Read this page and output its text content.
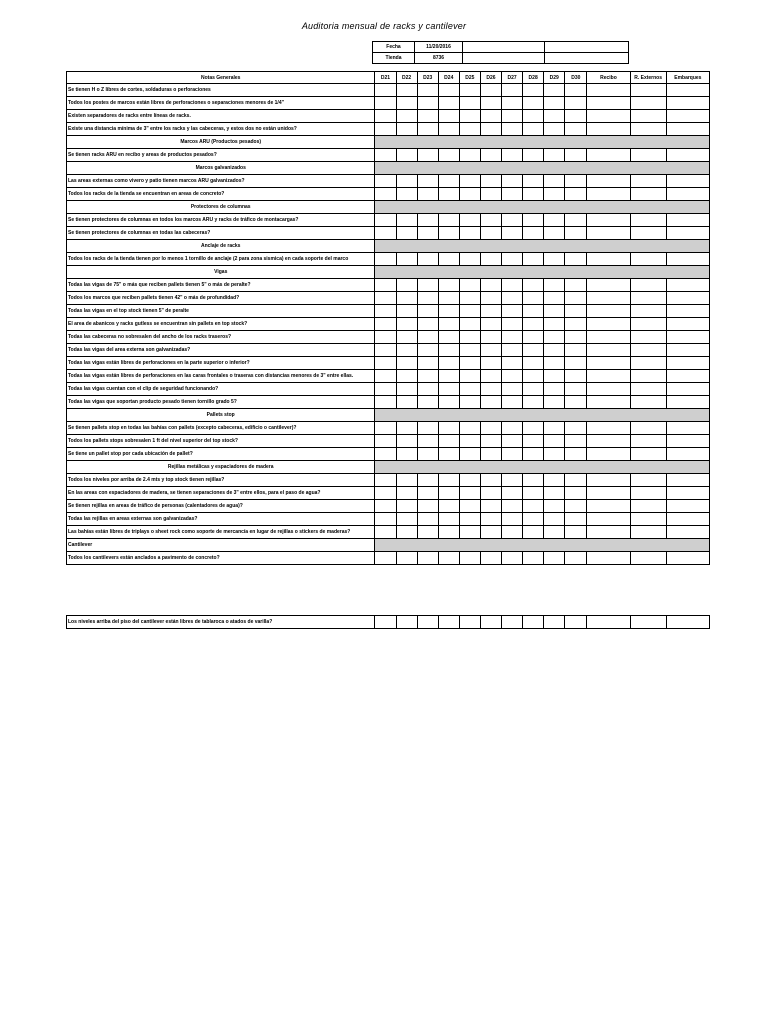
Auditoria mensual de racks y cantilever
Fecha	11/20/2016		
Tienda	8736		
Notas Generales	D21	D22	D23	D24	D25	D26	D27	D28	D29	D30	Recibo	R. Externos	Embarques
Se tienen H o Z libres de cortes, soldaduras o perforaciones													
Todos los postes de marcos están libres de perforaciones o separaciones menores de 1/4"													
Existen separadores de racks entre líneas de racks.													
Existe una distancia mínima de 3" entre los racks y las cabeceras, y estos dos no están unidos?													
Marcos ARU (Productos pesados)													
Se tienen racks ARU en recibo y areas de productos pesados?													
Marcos galvanizados													
Las areas externas como vivero y patio tienen marcos ARU galvanizados?													
Todos los racks de la tienda se encuentran en areas de concreto?													
Protectores de columnas													
Se tienen protectores de columnas en todos los marcos ARU y racks de tráfico de montacargas?													
Se tienen protectores de columnas en todas las cabeceras?													
Anclaje de racks													
Todos los racks de la tienda tienen por lo menos 1 tornillo de anclaje (2 para zona sismica) en cada soporte del marco													
Vigas													
Todas las vigas de 75" o más que reciben pallets tienen 5" o más de peralte?													
Todos los marcos que reciben pallets tienen 42" o más de profundidad?													
Todas las vigas en el top stock tienen 5" de peralte													
El area de abanicos y racks gutless se encuentran sin pallets en top stock?													
Todas las cabeceras no sobresalen del ancho de los racks traseros?													
Todas las vigas del area externa son galvanizadas?													
Todas las vigas están libres de perforaciones en la parte superior o inferior?													
Todas las vigas están libres de perforaciones en las caras frontales o traseras con distancias menores de 3" entre ellas.													
Todas las vigas cuentan con el clip de seguridad funcionando?													
Todas las vigas que soportan producto pesado tienen tornillo grado 5?													
Pallets stop													
Se tienen pallets stop en todas las bahías con pallets (excepto cabeceras, edificio o cantilever)?													
Todos los pallets stops sobresalen 1 ft del nivel superior del top stock?													
Se tiene un pallet stop por cada ubicación de pallet?													
Rejillas metálicas y espaciadores de madera													
Todos los niveles por arriba de 2.4 mts y top stock tienen rejillas?													
En las areas con espaciadores de madera, se tienen separaciones de 3" entre ellos, para el paso de agua?													
Se tienen rejillas en areas de tráfico de personas (calentadores de agua)?													
Todas las rejillas en areas externas son galvanizadas?													
Las bahías están libres de triplays o sheet rock como soporte de mercancía en lugar de rejillas o stickers de maderas?													
Cantilever													
Todos los cantilevers están anclados a pavimento de concreto?													
Los niveles arriba del piso del cantilever están libres de tablaroca o atados de varilla?													
